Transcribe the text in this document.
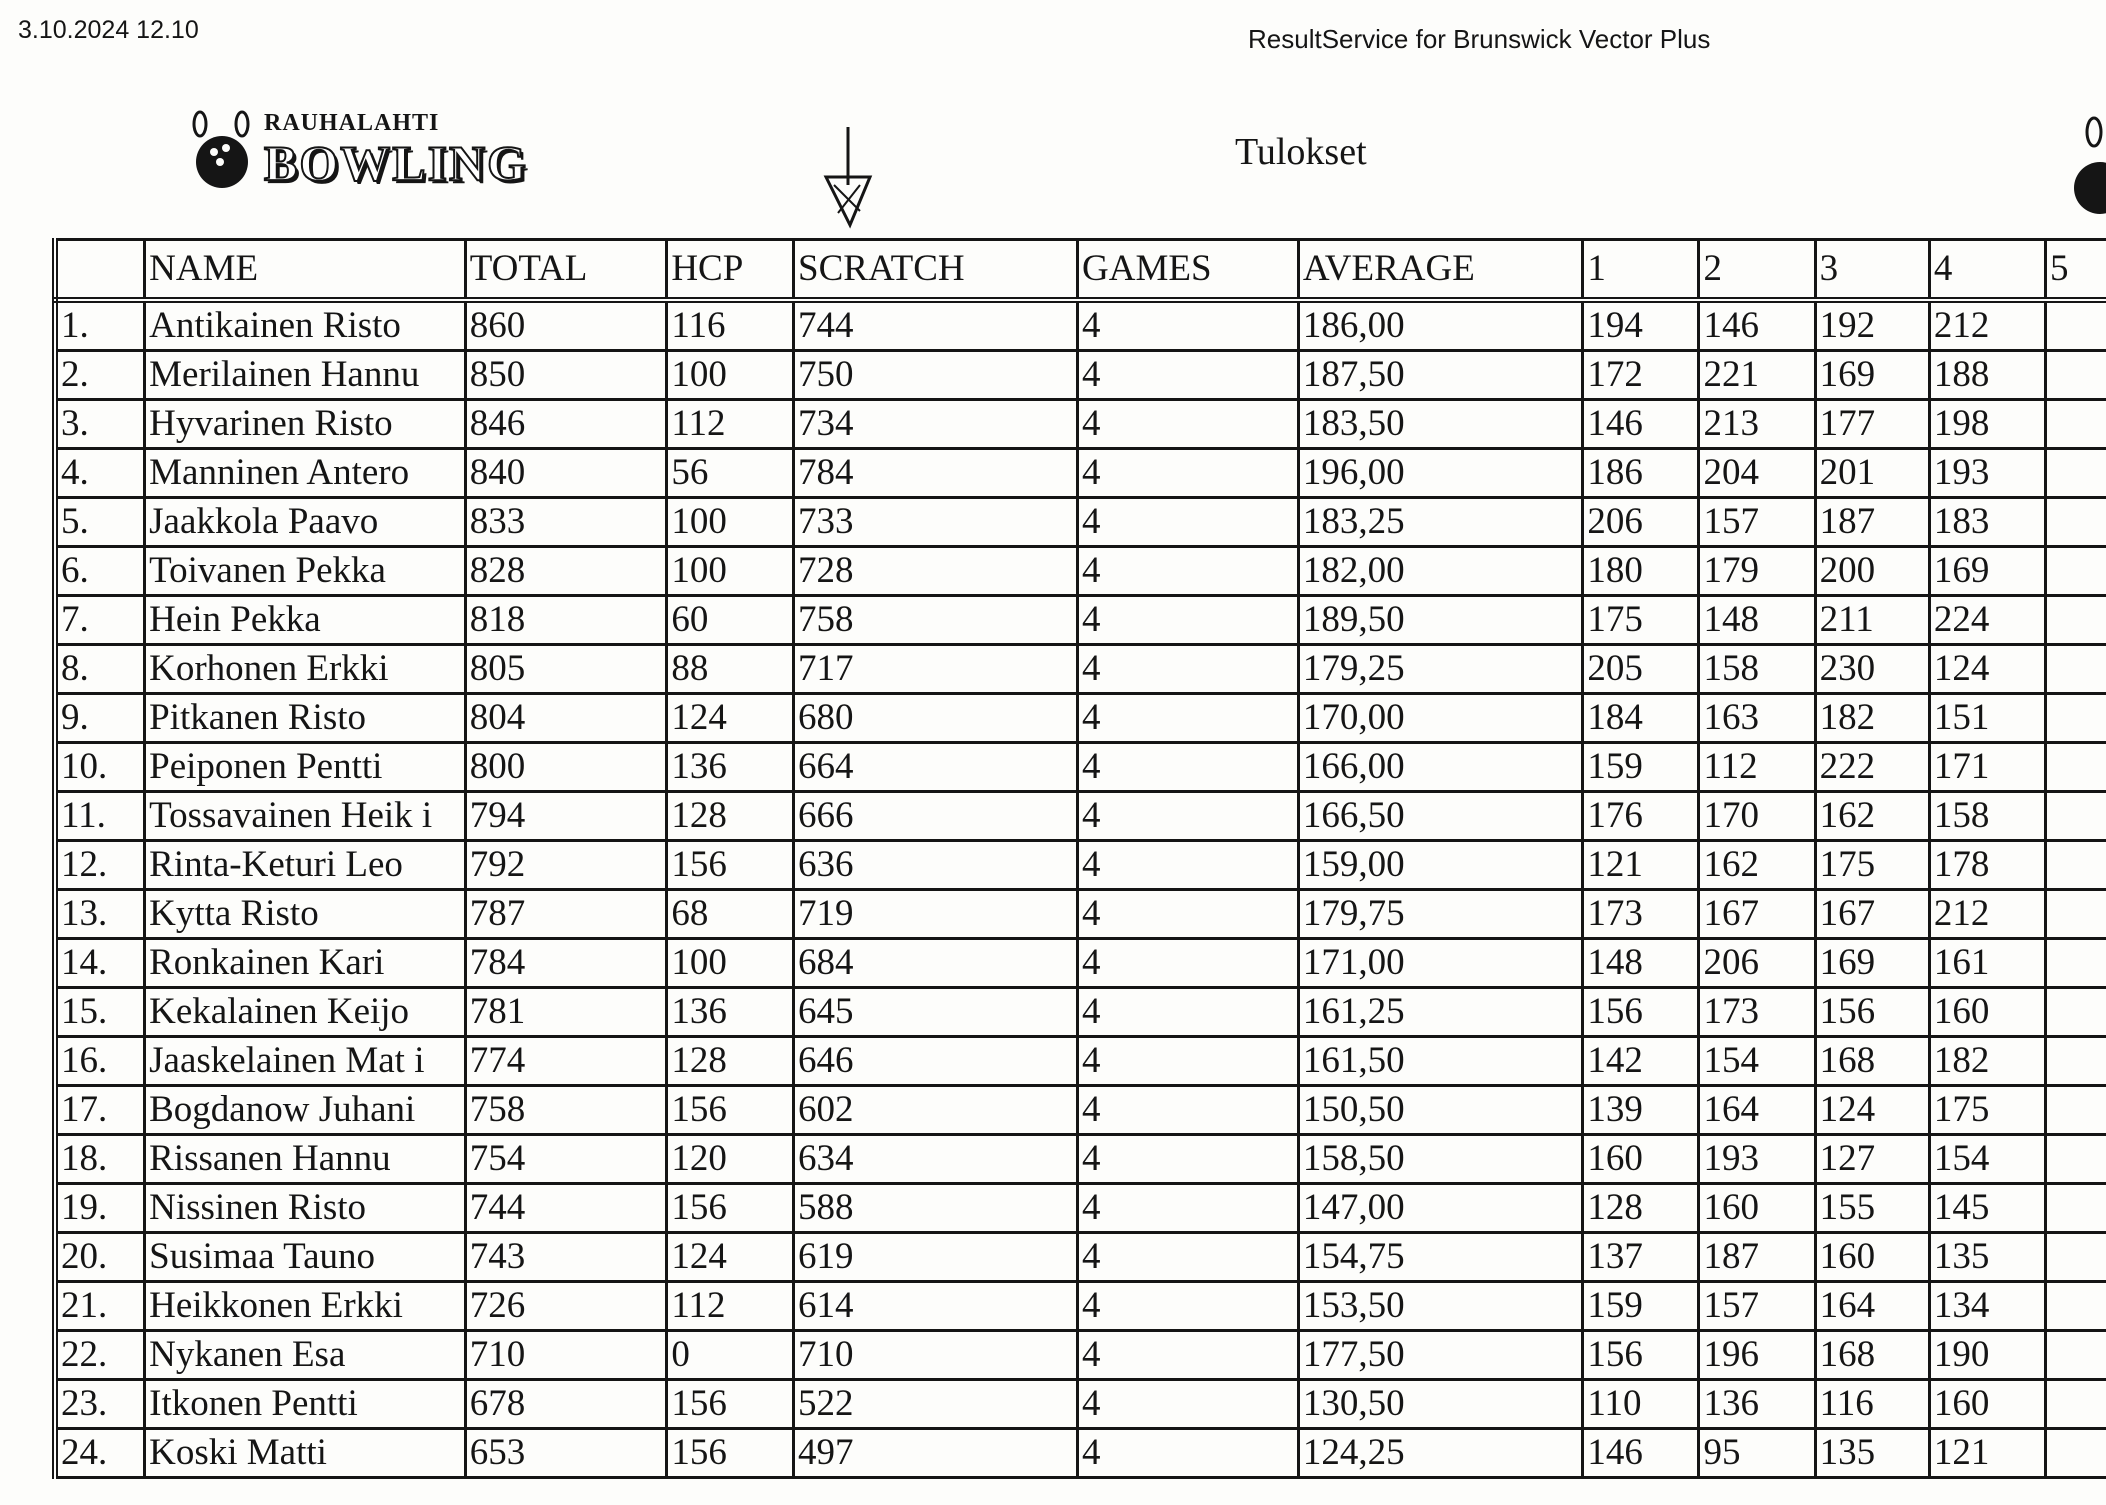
3.10.2024 12.10	ResultService for Brunswick Vector Plus
RAUHALAHTI
BOWLING	Tulokset
	NAME	TOTAL	HCP	SCRATCH	GAMES	AVERAGE	1	2	3	4	5
1.	Antikainen Risto	860	116	744	4	186,00	194	146	192	212	
2.	Merilainen Hannu	850	100	750	4	187,50	172	221	169	188	
3.	Hyvarinen Risto	846	112	734	4	183,50	146	213	177	198	
4.	Manninen Antero	840	56	784	4	196,00	186	204	201	193	
5.	Jaakkola Paavo	833	100	733	4	183,25	206	157	187	183	
6.	Toivanen Pekka	828	100	728	4	182,00	180	179	200	169	
7.	Hein Pekka	818	60	758	4	189,50	175	148	211	224	
8.	Korhonen Erkki	805	88	717	4	179,25	205	158	230	124	
9.	Pitkanen Risto	804	124	680	4	170,00	184	163	182	151	
10.	Peiponen Pentti	800	136	664	4	166,00	159	112	222	171	
11.	Tossavainen Heik i	794	128	666	4	166,50	176	170	162	158	
12.	Rinta-Keturi Leo	792	156	636	4	159,00	121	162	175	178	
13.	Kytta Risto	787	68	719	4	179,75	173	167	167	212	
14.	Ronkainen Kari	784	100	684	4	171,00	148	206	169	161	
15.	Kekalainen Keijo	781	136	645	4	161,25	156	173	156	160	
16.	Jaaskelainen Mat i	774	128	646	4	161,50	142	154	168	182	
17.	Bogdanow Juhani	758	156	602	4	150,50	139	164	124	175	
18.	Rissanen Hannu	754	120	634	4	158,50	160	193	127	154	
19.	Nissinen Risto	744	156	588	4	147,00	128	160	155	145	
20.	Susimaa Tauno	743	124	619	4	154,75	137	187	160	135	
21.	Heikkonen Erkki	726	112	614	4	153,50	159	157	164	134	
22.	Nykanen Esa	710	0	710	4	177,50	156	196	168	190	
23.	Itkonen Pentti	678	156	522	4	130,50	110	136	116	160	
24.	Koski Matti	653	156	497	4	124,25	146	95	135	121	
